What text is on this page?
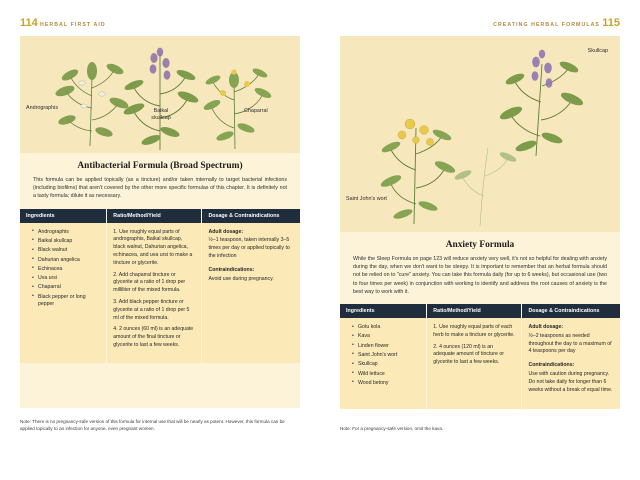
114 HERBAL FIRST AID
Andrographis	Baikal
skullcap
Chaparral
Antibacterial Formula (Broad Spectrum)
This formula can be applied topically (as a tincture) and/or taken internally to target bacterial infections (including biofilms) that aren't covered by the other more specific formulas of this chapter. It is definitely not a tasty formula; dilute it as necessary.
Ingredients	Ratio/Method/Yield	Dosage & Contraindications

• Andrographis
• Baikal skullcap
• Black walnut
• Dahurian angelica
• Echinacea
• Uva ursi
• Chaparral
• Black pepper or long pepper

1. Use roughly equal parts of andrographis, Baikal skullcap, black walnut, Dahurian angelica, echinacea, and uva ursi to make a tincture or glycerite.
2. Add chaparral tincture or glycerite at a ratio of 1 drop per milliliter of the mixed formula.
3. Add black pepper tincture or glycerite at a ratio of 1 drop per 5 ml of the mixed formula.
4. 2 ounces (60 ml) is an adequate amount of the final tincture or glycerite to last a few weeks.

Adult dosage:
½–1 teaspoon, taken internally 3–5 times per day or applied topically to the infection
Contraindications:
Avoid use during pregnancy.
Note: There is no pregnancy-safe version of this formula for internal use that will be nearly as potent. However, this formula can be applied topically to an infection for anyone, even pregnant women.
115
CREATING HERBAL FORMULAS
Skullcap
Saint John's wort
Anxiety Formula
While the Sleep Formula on page 123 will reduce anxiety very well, it's not so helpful for dealing with anxiety during the day, when we don't want to be sleepy. It is important to remember that an herbal formula should not be relied on to "cure" anxiety. You can take this formula daily (for up to 6 weeks), but occasional use (two to four times per week) in conjunction with working to identify and address the root causes of anxiety is the best way to work with it.
Ingredients	Ratio/Method/Yield	Dosage & Contraindications

• Gotu kola
• Kava
• Linden flower
• Saint John's wort
• Skullcap
• Wild lettuce
• Wood betony

1. Use roughly equal parts of each herb to make a tincture or glycerite.
2. 4 ounces (120 ml) is an adequate amount of tincture or glycerite to last a few weeks.

Adult dosage:
½–2 teaspoons as needed throughout the day to a maximum of 4 teaspoons per day
Contraindications:
Use with caution during pregnancy. Do not take daily for longer than 6 weeks without a break of equal time.
Note: For a pregnancy-safe version, omit the kava.
